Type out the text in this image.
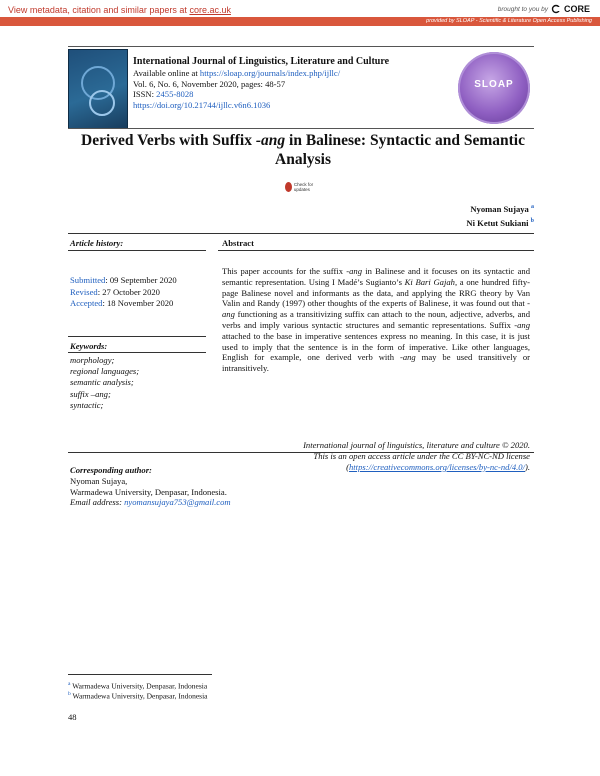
View metadata, citation and similar papers at core.ac.uk	brought to you by CORE
provided by SLOAP - Scientific & Literature Open Access Publishing
International Journal of Linguistics, Literature and Culture
Available online at https://sloap.org/journals/index.php/ijllc/
Vol. 6, No. 6, November 2020, pages: 48-57
ISSN: 2455-8028
https://doi.org/10.21744/ijllc.v6n6.1036
SLOAP
Derived Verbs with Suffix -ang in Balinese: Syntactic and Semantic Analysis
Check for updates
Nyoman Sujaya $^a$
Ni Ketut Sukiani $^b$
Article history:
Submitted: 09 September 2020
Revised: 27 October 2020
Accepted: 18 November 2020
Keywords:
morphology;
regional languages;
semantic analysis;
suffix –ang;
syntactic;
Abstract
This paper accounts for the suffix -ang in Balinese and it focuses on its syntactic and semantic representation. Using I Madé’s Sugianto’s Ki Bari Gajah, a one hundred fifty-page Balinese novel and informants as the data, and applying the RRG theory by Van Valin and Randy (1997) other thoughts of the experts of Balinese, it was found out that -ang functioning as a transitivizing suffix can attach to the noun, adjective, adverbs, and verbs and imply various syntactic structures and semantic representations. Suffix -ang attached to the base in imperative sentences express no meaning. In this case, it is just used to imply that the sentence is in the form of imperative. Like other languages, English for example, one derived verb with -ang may be used transitively or intransitively.
International journal of linguistics, literature and culture © 2020.
This is an open access article under the CC BY-NC-ND license
(https://creativecommons.org/licenses/by-nc-nd/4.0/).
Corresponding author:
Nyoman Sujaya,
Warmadewa University, Denpasar, Indonesia.
Email address: nyomansujaya753@gmail.com
$^a$ Warmadewa University, Denpasar, Indonesia
$^b$ Warmadewa University, Denpasar, Indonesia
48
